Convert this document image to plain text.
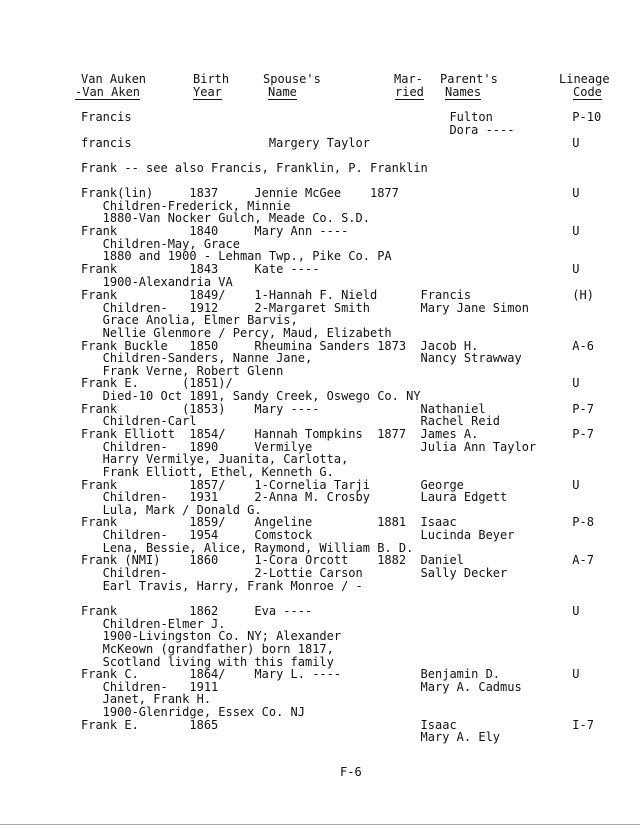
Van Auken
-Van Aken
Birth
Year
Spouse's
Name
Mar-
ried
Parent's
Names
Lineage
Code
Francis                                            Fulton           P-10
Dora ----
francis                   Margery Taylor                            U
Frank -- see also Francis, Franklin, P. Franklin
Frank(lin)     1837     Jennie McGee    1877                        U
Children-Frederick, Minnie
1880-Van Nocker Gulch, Meade Co. S.D.
Frank          1840     Mary Ann ----                               U
Children-May, Grace
1880 and 1900 - Lehman Twp., Pike Co. PA
Frank          1843     Kate ----                                   U
1900-Alexandria VA
Frank          1849/    1-Hannah F. Nield      Francis              (H)
Children-   1912     2-Margaret Smith       Mary Jane Simon
Grace Anolia, Elmer Barvis,
Nellie Glenmore / Percy, Maud, Elizabeth
Frank Buckle   1850     Rheumina Sanders 1873  Jacob H.             A-6
Children-Sanders, Nanne Jane,               Nancy Strawway
Frank Verne, Robert Glenn
Frank E.      (1851)/                                               U
Died-10 Oct 1891, Sandy Creek, Oswego Co. NY
Frank         (1853)    Mary ----              Nathaniel            P-7
Children-Carl                               Rachel Reid
Frank Elliott  1854/    Hannah Tompkins  1877  James A.             P-7
Children-   1890     Vermilye               Julia Ann Taylor
Harry Vermilye, Juanita, Carlotta,
Frank Elliott, Ethel, Kenneth G.
Frank          1857/    1-Cornelia Tarji       George               U
Children-   1931     2-Anna M. Crosby       Laura Edgett
Lula, Mark / Donald G.
Frank          1859/    Angeline         1881  Isaac                P-8
Children-   1954     Comstock               Lucinda Beyer
Lena, Bessie, Alice, Raymond, William B. D.
Frank (NMI)    1860     1-Cora Orcott    1882  Daniel               A-7
Children-            2-Lottie Carson        Sally Decker
Earl Travis, Harry, Frank Monroe / -
Frank          1862     Eva ----                                    U
Children-Elmer J.
1900-Livingston Co. NY; Alexander
McKeown (grandfather) born 1817,
Scotland living with this family
Frank C.       1864/    Mary L. ----           Benjamin D.          U
Children-   1911                            Mary A. Cadmus
Janet, Frank H.
1900-Glenridge, Essex Co. NJ
Frank E.       1865                            Isaac                I-7
Mary A. Ely
F-6
